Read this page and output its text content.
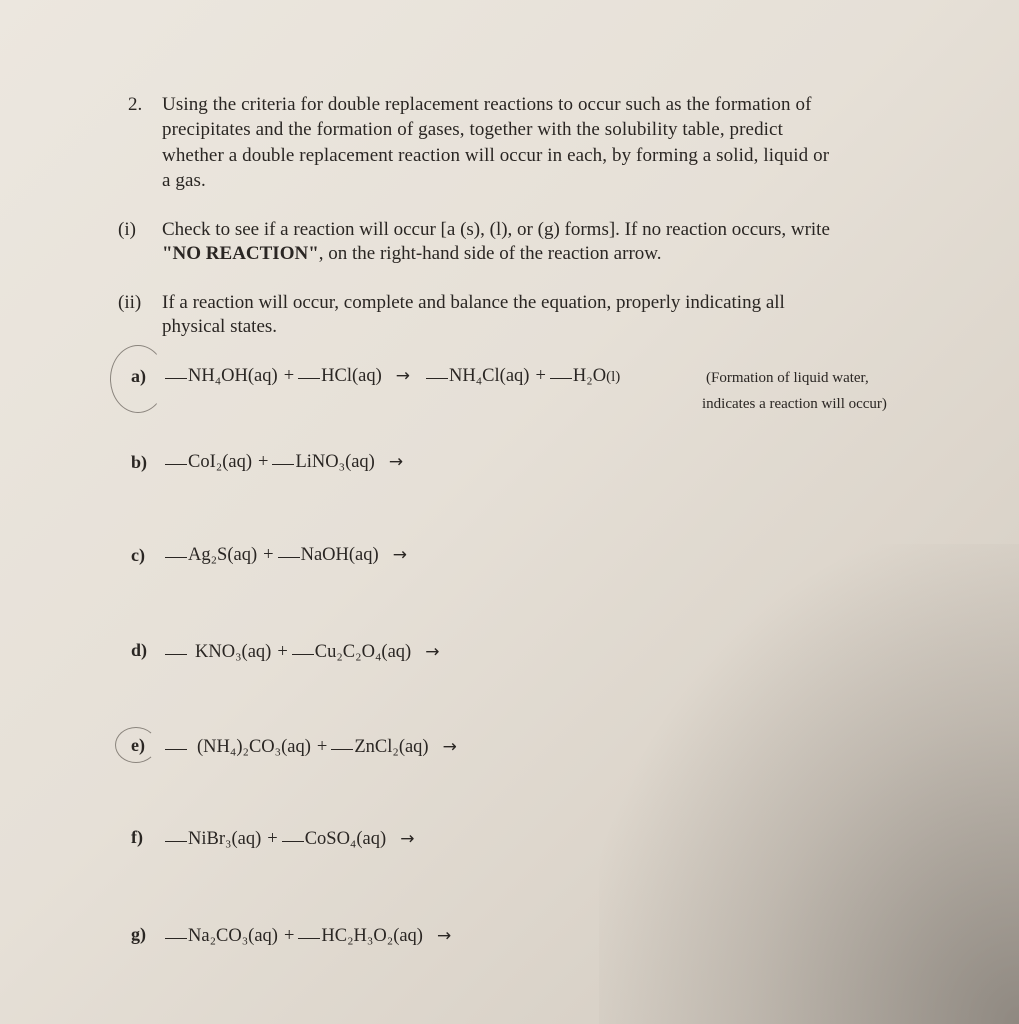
2. Using the criteria for double replacement reactions to occur such as the formation of
precipitates and the formation of gases, together with the solubility table, predict
whether a double replacement reaction will occur in each, by forming a solid, liquid or
a gas.
(i) Check to see if a reaction will occur [a (s), (l), or (g) forms]. If no reaction occurs, write
"NO REACTION", on the right-hand side of the reaction arrow.
(ii) If a reaction will occur, complete and balance the equation, properly indicating all
physical states.
a) NH₄OH (aq) + HCl (aq) → NH₄Cl (aq) + H₂O (l)	(Formation of liquid water,
indicates a reaction will occur)
b) CoI₂ (aq) + LiNO₃ (aq) →
c) Ag₂S (aq) + NaOH (aq) →
d)	KNO₃ (aq) + Cu₂C₂O₄ (aq) →
e)	(NH₄)₂CO₃ (aq) + ZnCl₂ (aq) →
f) NiBr₃ (aq) + CoSO₄ (aq) →
g) Na₂CO₃ (aq) + HC₂H₃O₂ (aq) →
